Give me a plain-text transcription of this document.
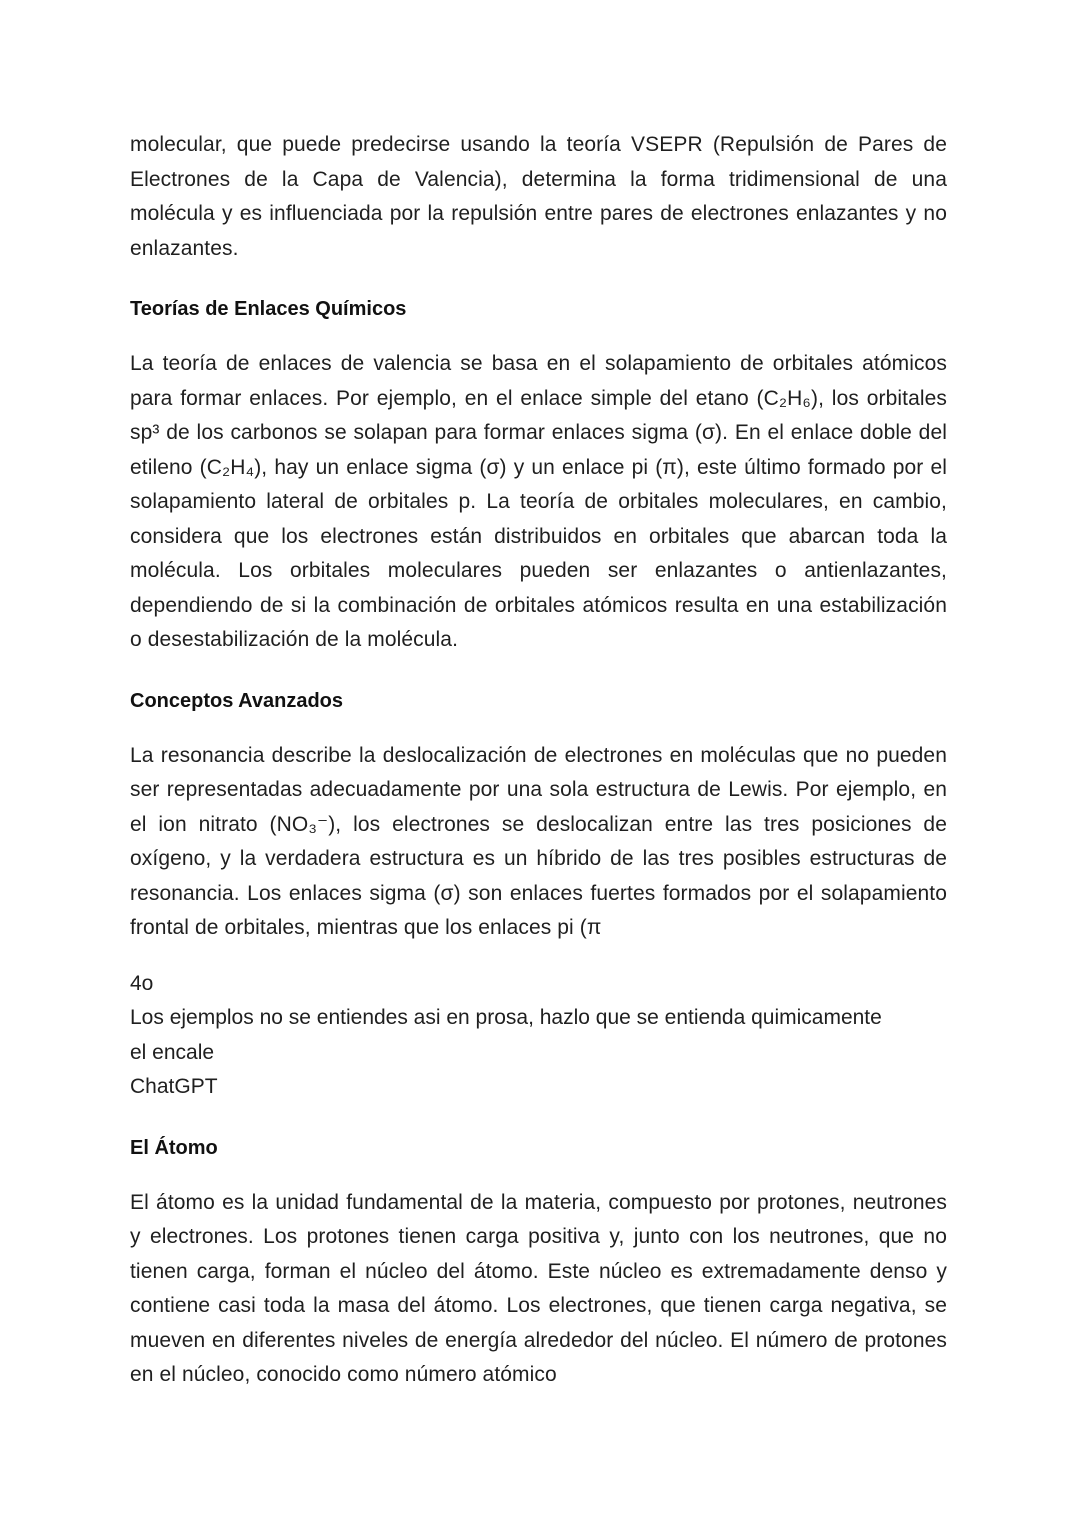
molecular, que puede predecirse usando la teoría VSEPR (Repulsión de Pares de Electrones de la Capa de Valencia), determina la forma tridimensional de una molécula y es influenciada por la repulsión entre pares de electrones enlazantes y no enlazantes.

Teorías de Enlaces Químicos

La teoría de enlaces de valencia se basa en el solapamiento de orbitales atómicos para formar enlaces. Por ejemplo, en el enlace simple del etano (C₂H₆), los orbitales sp³ de los carbonos se solapan para formar enlaces sigma (σ). En el enlace doble del etileno (C₂H₄), hay un enlace sigma (σ) y un enlace pi (π), este último formado por el solapamiento lateral de orbitales p. La teoría de orbitales moleculares, en cambio, considera que los electrones están distribuidos en orbitales que abarcan toda la molécula. Los orbitales moleculares pueden ser enlazantes o antienlazantes, dependiendo de si la combinación de orbitales atómicos resulta en una estabilización o desestabilización de la molécula.

Conceptos Avanzados

La resonancia describe la deslocalización de electrones en moléculas que no pueden ser representadas adecuadamente por una sola estructura de Lewis. Por ejemplo, en el ion nitrato (NO₃⁻), los electrones se deslocalizan entre las tres posiciones de oxígeno, y la verdadera estructura es un híbrido de las tres posibles estructuras de resonancia. Los enlaces sigma (σ) son enlaces fuertes formados por el solapamiento frontal de orbitales, mientras que los enlaces pi (π

4o
Los ejemplos no se entiendes asi en prosa, hazlo que se entienda quimicamente
el encale
ChatGPT
El Átomo

El átomo es la unidad fundamental de la materia, compuesto por protones, neutrones y electrones. Los protones tienen carga positiva y, junto con los neutrones, que no tienen carga, forman el núcleo del átomo. Este núcleo es extremadamente denso y contiene casi toda la masa del átomo. Los electrones, que tienen carga negativa, se mueven en diferentes niveles de energía alrededor del núcleo. El número de protones en el núcleo, conocido como número atómico
